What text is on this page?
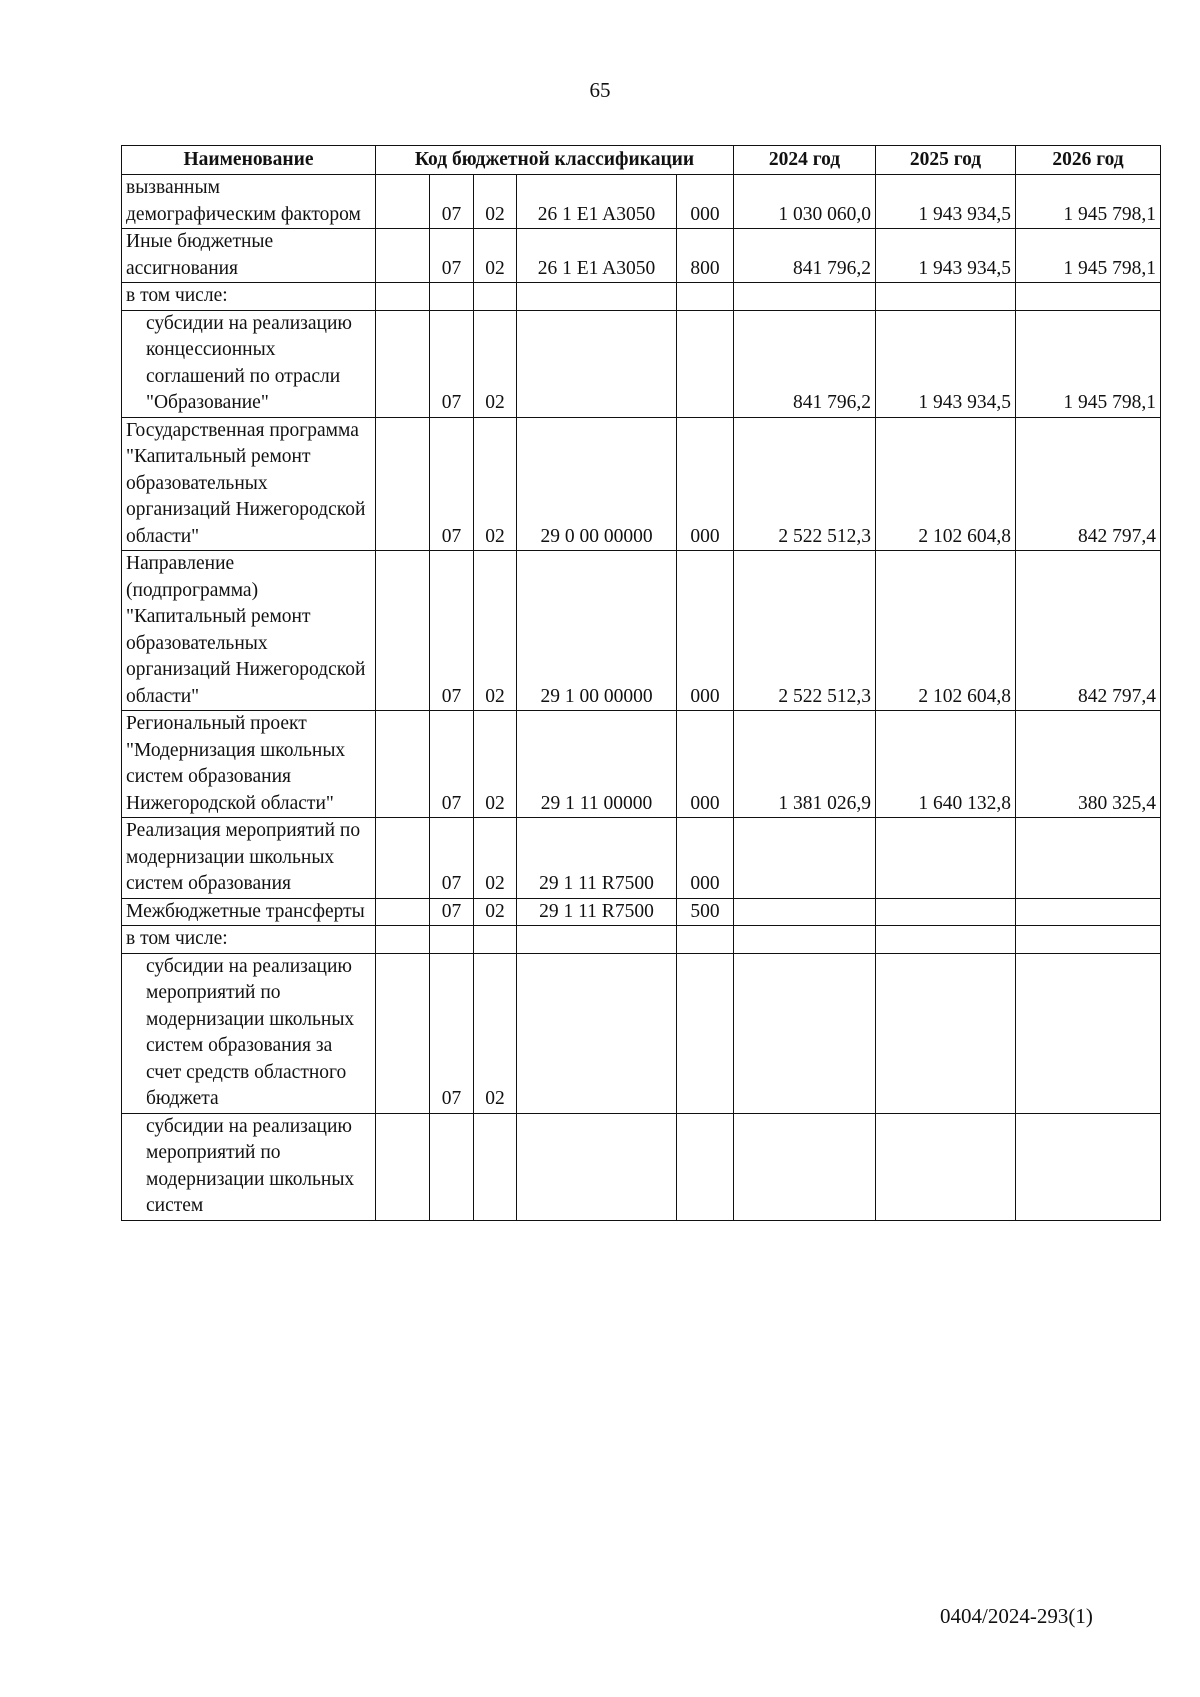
65
Наименование	Код бюджетной классификации					2024 год	2025 год	2026 год
вызванным демографическим фактором		07	02	26 1 E1 A3050	000	1 030 060,0	1 943 934,5	1 945 798,1
Иные бюджетные ассигнования		07	02	26 1 E1 A3050	800	841 796,2	1 943 934,5	1 945 798,1
в том числе:								
субсидии на реализацию концессионных соглашений по отрасли "Образование"		07	02			841 796,2	1 943 934,5	1 945 798,1
Государственная программа "Капитальный ремонт образовательных организаций Нижегородской области"		07	02	29 0 00 00000	000	2 522 512,3	2 102 604,8	842 797,4
Направление (подпрограмма) "Капитальный ремонт образовательных организаций Нижегородской области"		07	02	29 1 00 00000	000	2 522 512,3	2 102 604,8	842 797,4
Региональный проект "Модернизация школьных систем образования Нижегородской области"		07	02	29 1 11 00000	000	1 381 026,9	1 640 132,8	380 325,4
Реализация мероприятий по модернизации школьных систем образования		07	02	29 1 11 R7500	000			
Межбюджетные трансферты		07	02	29 1 11 R7500	500			
в том числе:								
субсидии на реализацию мероприятий по модернизации школьных систем образования за счет средств областного бюджета		07	02					
субсидии на реализацию мероприятий по модернизации школьных систем								
0404/2024-293(1)
